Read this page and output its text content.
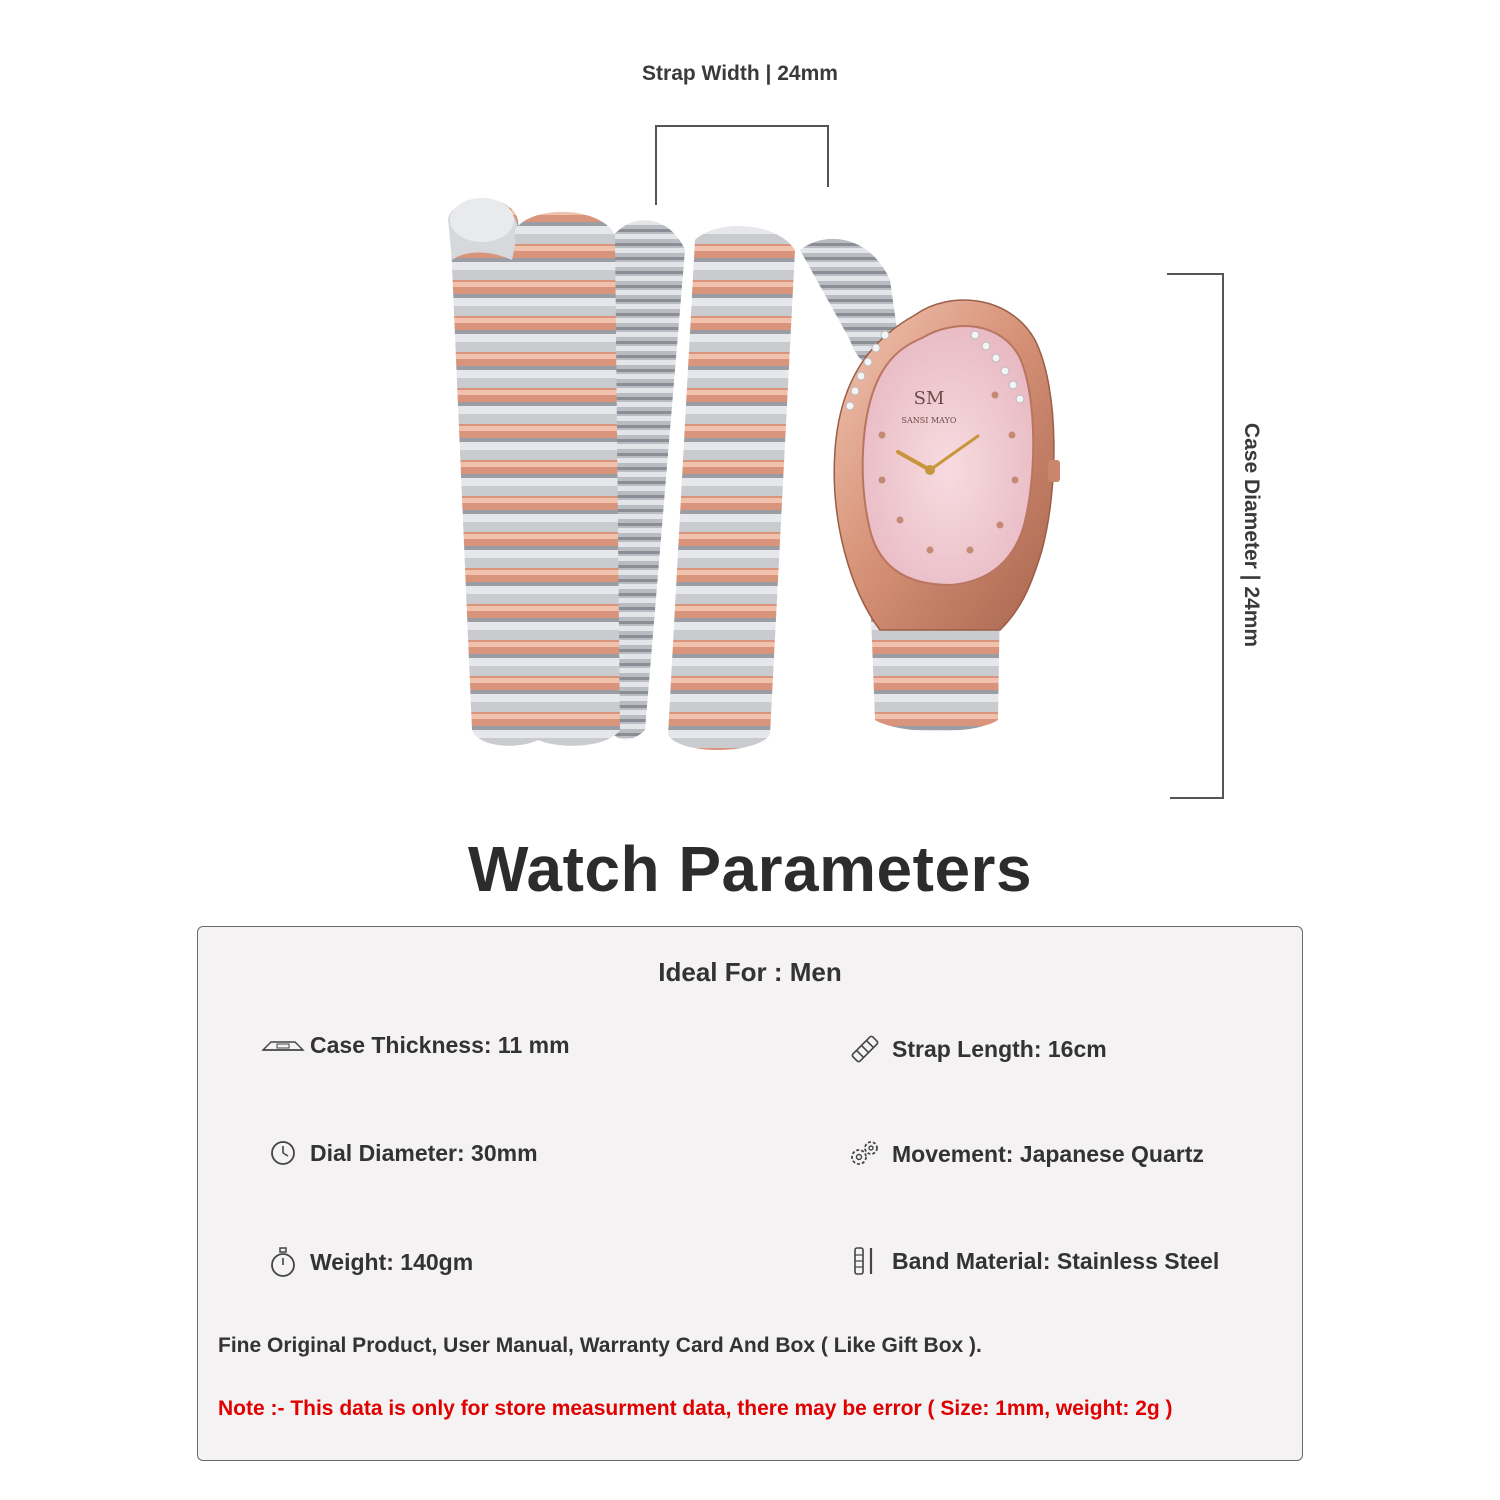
Strap Width | 24mm
Case Diameter | 24mm
SM
SANSI MAYO
Watch Parameters
Ideal For : Men
Case Thickness: 11 mm	Strap Length: 16cm
Dial Diameter: 30mm	Movement: Japanese Quartz
Weight: 140gm	Band Material: Stainless Steel
Fine Original Product, User Manual, Warranty Card And Box ( Like Gift Box ).
Note :- This data is only for store measurment data, there may be error ( Size: 1mm, weight: 2g )
